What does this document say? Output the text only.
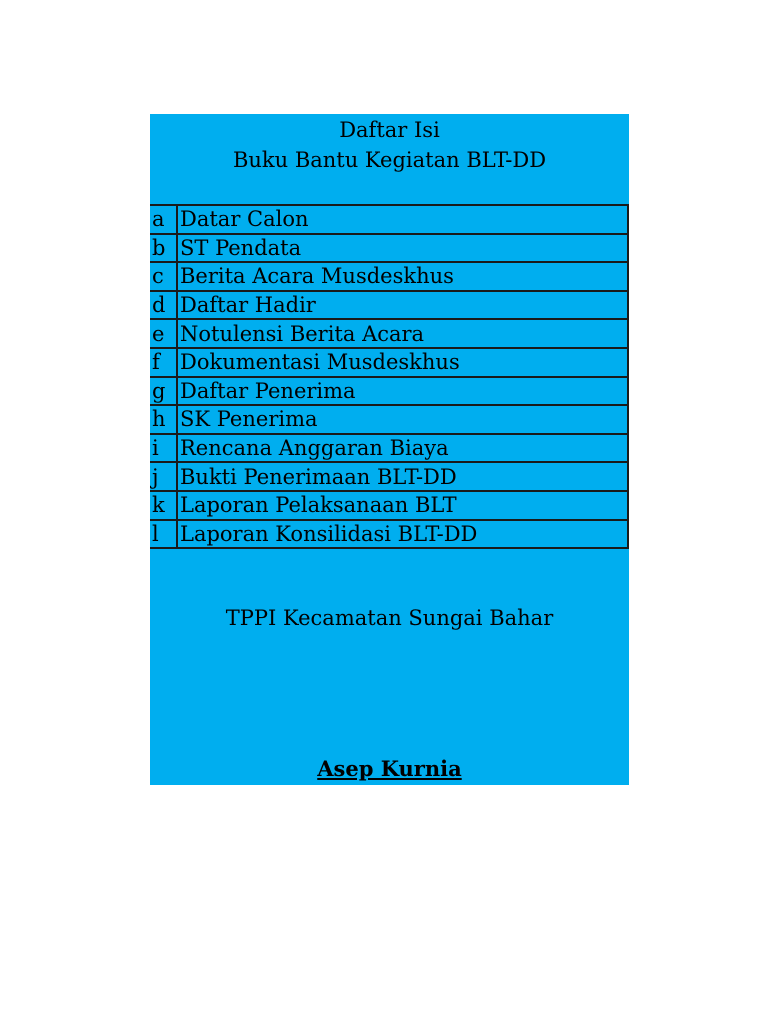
Daftar Isi
Buku Bantu Kegiatan BLT-DD
a	Datar Calon
b	ST Pendata
c	Berita Acara Musdeskhus
d	Daftar Hadir
e	Notulensi Berita Acara
f	Dokumentasi Musdeskhus
g	Daftar Penerima
h	SK Penerima
i	Rencana Anggaran Biaya
j	Bukti Penerimaan BLT-DD
k	Laporan Pelaksanaan BLT
l	Laporan Konsilidasi BLT-DD
TPPI Kecamatan Sungai Bahar
Asep Kurnia
